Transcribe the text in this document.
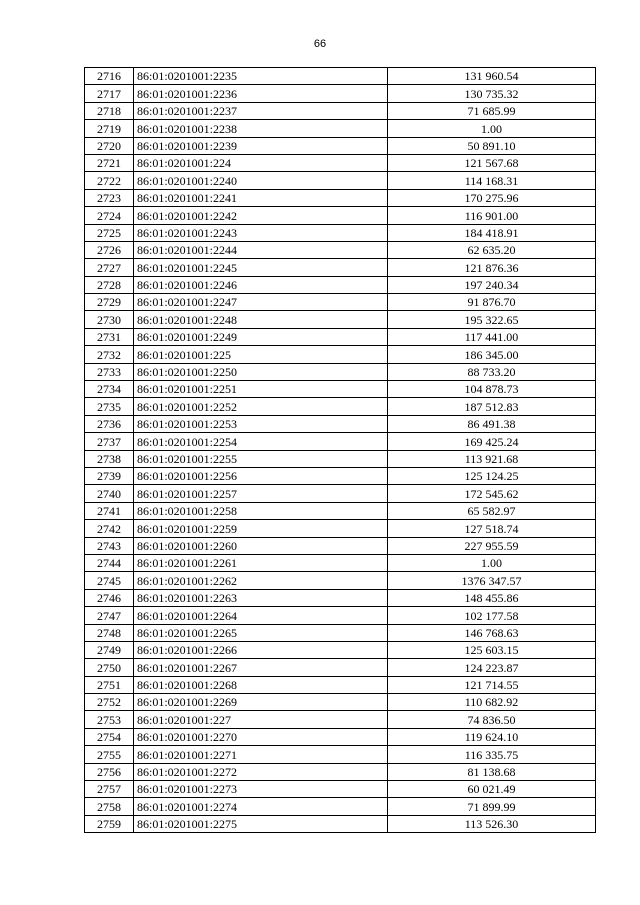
66
2716	86:01:0201001:2235	131 960.54
2717	86:01:0201001:2236	130 735.32
2718	86:01:0201001:2237	71 685.99
2719	86:01:0201001:2238	1.00
2720	86:01:0201001:2239	50 891.10
2721	86:01:0201001:224	121 567.68
2722	86:01:0201001:2240	114 168.31
2723	86:01:0201001:2241	170 275.96
2724	86:01:0201001:2242	116 901.00
2725	86:01:0201001:2243	184 418.91
2726	86:01:0201001:2244	62 635.20
2727	86:01:0201001:2245	121 876.36
2728	86:01:0201001:2246	197 240.34
2729	86:01:0201001:2247	91 876.70
2730	86:01:0201001:2248	195 322.65
2731	86:01:0201001:2249	117 441.00
2732	86:01:0201001:225	186 345.00
2733	86:01:0201001:2250	88 733.20
2734	86:01:0201001:2251	104 878.73
2735	86:01:0201001:2252	187 512.83
2736	86:01:0201001:2253	86 491.38
2737	86:01:0201001:2254	169 425.24
2738	86:01:0201001:2255	113 921.68
2739	86:01:0201001:2256	125 124.25
2740	86:01:0201001:2257	172 545.62
2741	86:01:0201001:2258	65 582.97
2742	86:01:0201001:2259	127 518.74
2743	86:01:0201001:2260	227 955.59
2744	86:01:0201001:2261	1.00
2745	86:01:0201001:2262	1376 347.57
2746	86:01:0201001:2263	148 455.86
2747	86:01:0201001:2264	102 177.58
2748	86:01:0201001:2265	146 768.63
2749	86:01:0201001:2266	125 603.15
2750	86:01:0201001:2267	124 223.87
2751	86:01:0201001:2268	121 714.55
2752	86:01:0201001:2269	110 682.92
2753	86:01:0201001:227	74 836.50
2754	86:01:0201001:2270	119 624.10
2755	86:01:0201001:2271	116 335.75
2756	86:01:0201001:2272	81 138.68
2757	86:01:0201001:2273	60 021.49
2758	86:01:0201001:2274	71 899.99
2759	86:01:0201001:2275	113 526.30
